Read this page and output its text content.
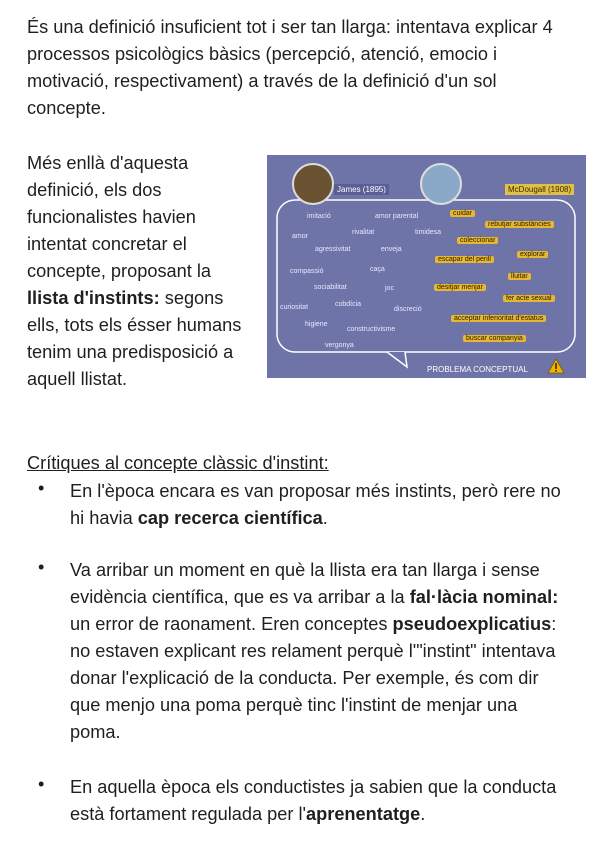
És una definició insuficient tot i ser tan llarga: intentava explicar 4 processos psicològics bàsics (percepció, atenció, emocio i motivació, respectivament) a través de la definició d'un sol concepte.
Més enllà d'aquesta definició, els dos funcionalistes havien intentat concretar el concepte, proposant la llista d'instints: segons ells, tots els ésser humans tenim una predisposició a aquell llistat.
James (1895)	McDougall (1908)
imitació	amor parental
rivalitat	timidesa
amor
agressivitat	enveja
caça
compassió
sociabilitat	joc
curiositat	cobdícia
discreció
higiene
constructivisme
vergonya
cuidar
rebutjar substàncies
coleccionar
explorar
escapar del perill
lluitar
desitjar menjar
fer acte sexual
acceptar inferioritat d'estatus
buscar companyia
PROBLEMA CONCEPTUAL
Crítiques al concepte clàssic d'instint:
• En l'època encara es van proposar més instints, però rere no hi havia cap recerca científica.
• Va arribar un moment en què la llista era tan llarga i sense evidència científica, que es va arribar a la fal·làcia nominal: un error de raonament. Eren conceptes pseudoexplicatius: no estaven explicant res relament perquè l'"instint" intentava donar l'explicació de la conducta. Per exemple, és com dir que menjo una poma perquè tinc l'instint de menjar una poma.
• En aquella època els conductistes ja sabien que la conducta està fortament regulada per l'aprenentatge.
